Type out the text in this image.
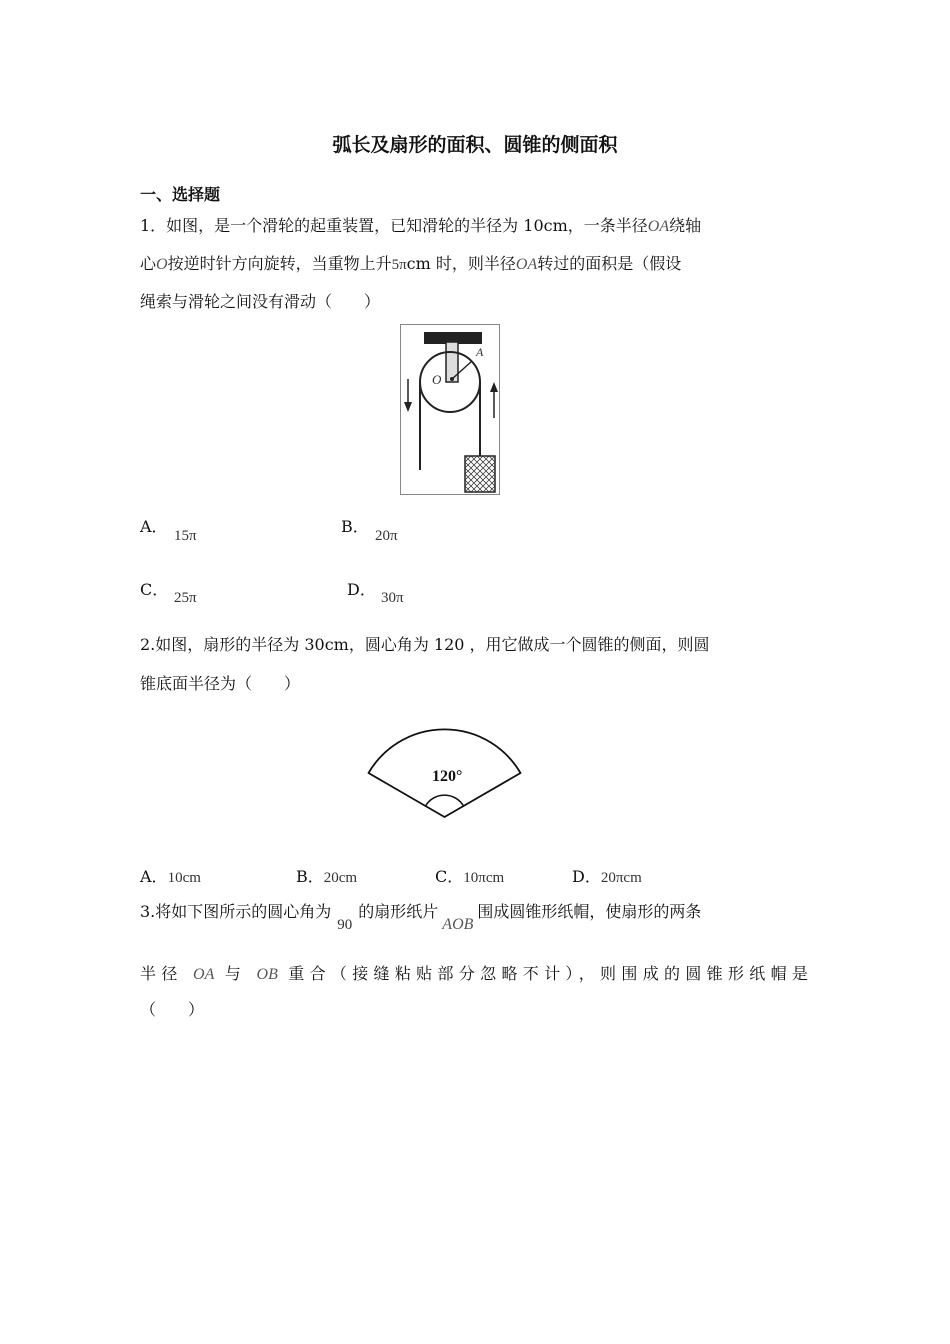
弧长及扇形的面积、圆锥的侧面积
一、选择题
1．如图，是一个滑轮的起重装置，已知滑轮的半径为 10cm，一条半径OA绕轴
心O按逆时针方向旋转，当重物上升5πcm 时，则半径OA转过的面积是（假设
绳索与滑轮之间没有滑动（　　）
A
O
A． 15π	B． 20π
C． 25π	D． 30π
2.如图，扇形的半径为 30cm，圆心角为 120 ，用它做成一个圆锥的侧面，则圆
锥底面半径为（　　）
120°
A．10cm	B．20cm	C．10πcm	D．20πcm
3.将如下图所示的圆心角为90的扇形纸片AOB围成圆锥形纸帽，使扇形的两条
半径 OA 与 OB 重合（接缝粘贴部分忽略不计），则围成的圆锥形纸帽是
（　　）
